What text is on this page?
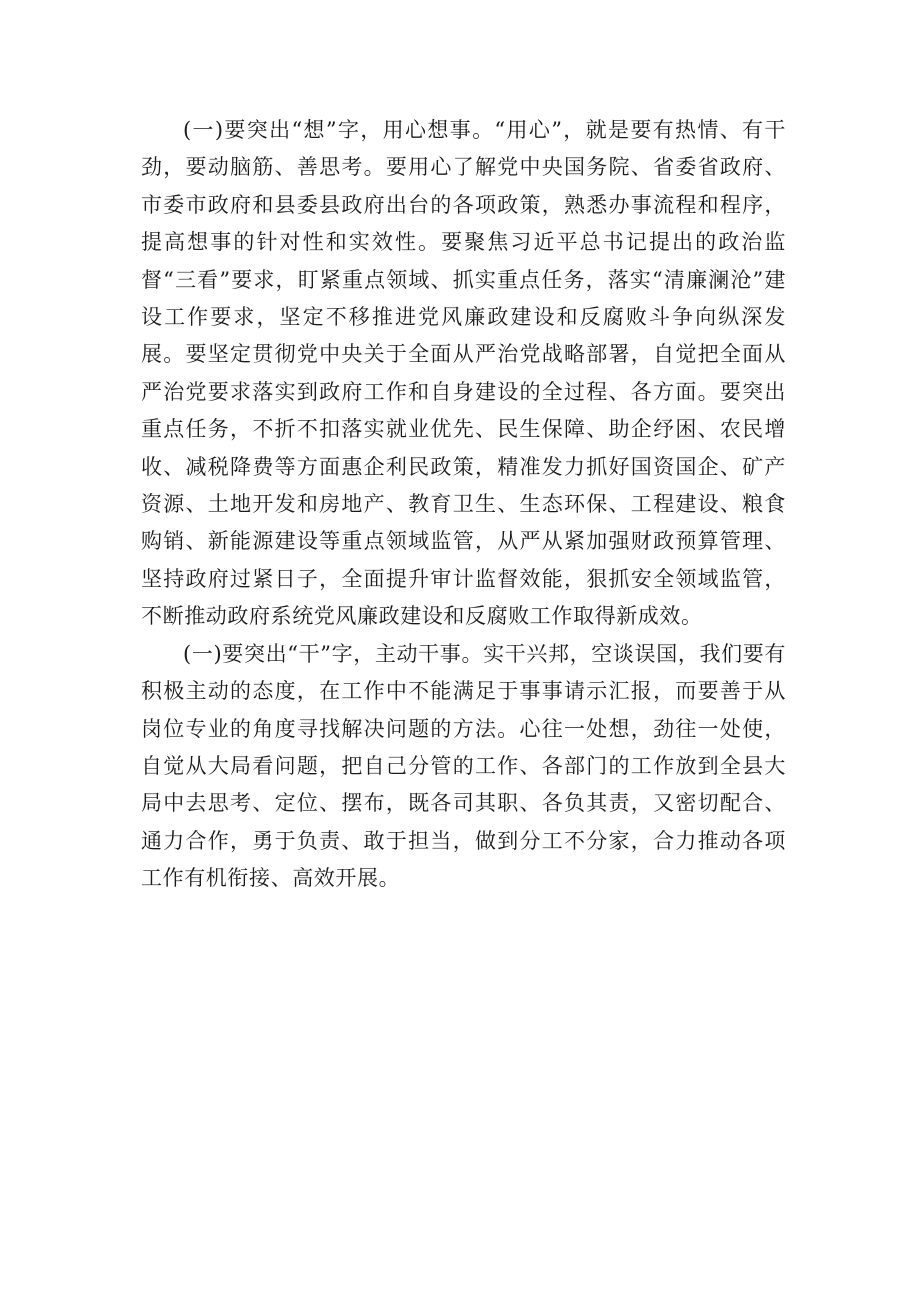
(一)要突出“想”字，用心想事。“用心”，就是要有热情、有干劲，要动脑筋、善思考。要用心了解党中央国务院、省委省政府、市委市政府和县委县政府出台的各项政策，熟悉办事流程和程序，提高想事的针对性和实效性。要聚焦习近平总书记提出的政治监督“三看”要求，盯紧重点领域、抓实重点任务，落实“清廉澜沧”建设工作要求，坚定不移推进党风廉政建设和反腐败斗争向纵深发展。要坚定贯彻党中央关于全面从严治党战略部署，自觉把全面从严治党要求落实到政府工作和自身建设的全过程、各方面。要突出重点任务，不折不扣落实就业优先、民生保障、助企纾困、农民增收、减税降费等方面惠企利民政策，精准发力抓好国资国企、矿产资源、土地开发和房地产、教育卫生、生态环保、工程建设、粮食购销、新能源建设等重点领域监管，从严从紧加强财政预算管理、坚持政府过紧日子，全面提升审计监督效能，狠抓安全领域监管，不断推动政府系统党风廉政建设和反腐败工作取得新成效。

(一)要突出“干”字，主动干事。实干兴邦，空谈误国，我们要有积极主动的态度，在工作中不能满足于事事请示汇报，而要善于从岗位专业的角度寻找解决问题的方法。心往一处想，劲往一处使，自觉从大局看问题，把自己分管的工作、各部门的工作放到全县大局中去思考、定位、摆布，既各司其职、各负其责，又密切配合、通力合作，勇于负责、敢于担当，做到分工不分家，合力推动各项工作有机衔接、高效开展。
